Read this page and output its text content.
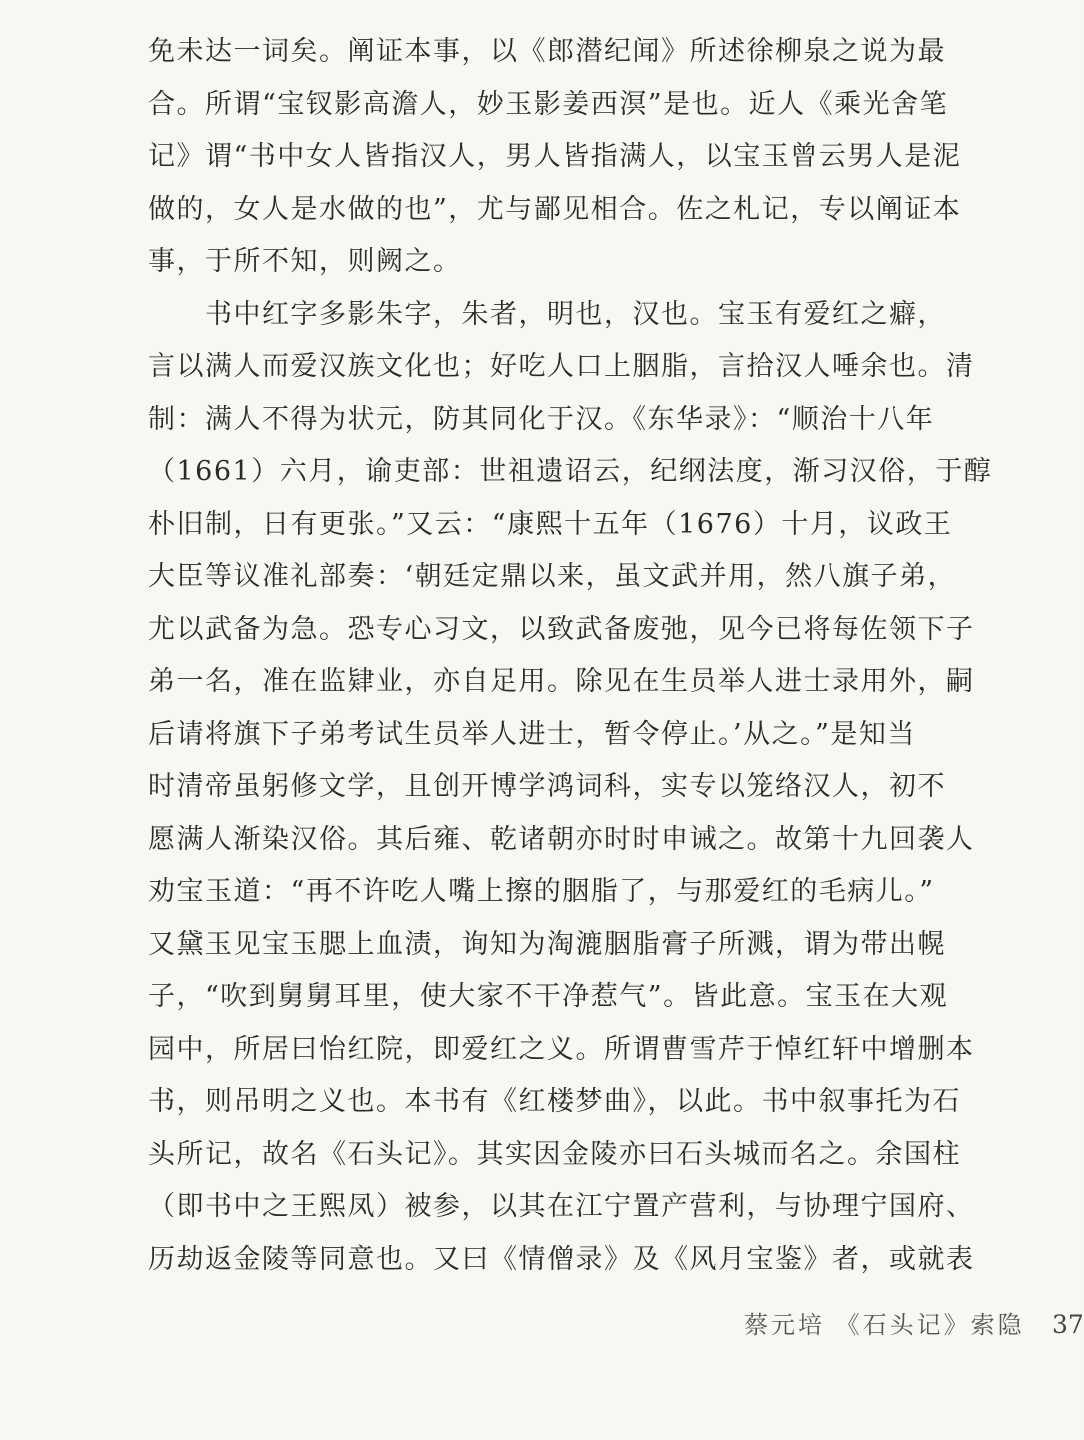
免未达一词矣。阐证本事，以《郎潜纪闻》所述徐柳泉之说为最
合。所谓“宝钗影高澹人，妙玉影姜西溟”是也。近人《乘光舍笔
记》谓“书中女人皆指汉人，男人皆指满人，以宝玉曾云男人是泥
做的，女人是水做的也”，尤与鄙见相合。佐之札记，专以阐证本
事，于所不知，则阙之。
　　书中红字多影朱字，朱者，明也，汉也。宝玉有爱红之癖，
言以满人而爱汉族文化也；好吃人口上胭脂，言拾汉人唾余也。清
制：满人不得为状元，防其同化于汉。《东华录》：“顺治十八年
（1661）六月，谕吏部：世祖遗诏云，纪纲法度，渐习汉俗，于醇
朴旧制，日有更张。”又云：“康熙十五年（1676）十月，议政王
大臣等议准礼部奏：‘朝廷定鼎以来，虽文武并用，然八旗子弟，
尤以武备为急。恐专心习文，以致武备废弛，见今已将每佐领下子
弟一名，准在监肄业，亦自足用。除见在生员举人进士录用外，嗣
后请将旗下子弟考试生员举人进士，暂令停止。’从之。”是知当
时清帝虽躬修文学，且创开博学鸿词科，实专以笼络汉人，初不
愿满人渐染汉俗。其后雍、乾诸朝亦时时申诫之。故第十九回袭人
劝宝玉道：“再不许吃人嘴上擦的胭脂了，与那爱红的毛病儿。”
又黛玉见宝玉腮上血渍，询知为淘漉胭脂膏子所溅，谓为带出幌
子，“吹到舅舅耳里，使大家不干净惹气”。皆此意。宝玉在大观
园中，所居曰怡红院，即爱红之义。所谓曹雪芹于悼红轩中增删本
书，则吊明之义也。本书有《红楼梦曲》，以此。书中叙事托为石
头所记，故名《石头记》。其实因金陵亦曰石头城而名之。余国柱
（即书中之王熙凤）被参，以其在江宁置产营利，与协理宁国府、
历劫返金陵等同意也。又曰《情僧录》及《风月宝鉴》者，或就表
蔡元培 《石头记》索隐 37
